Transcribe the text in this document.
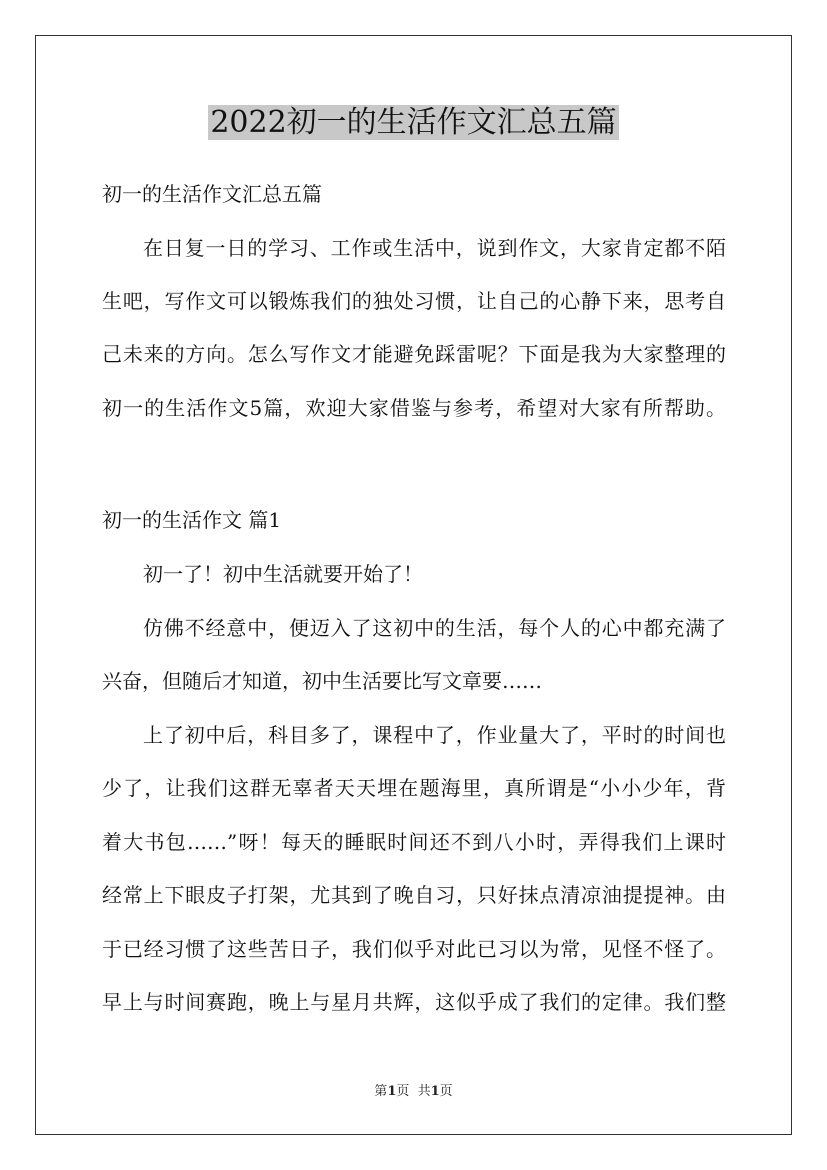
2022初一的生活作文汇总五篇
初一的生活作文汇总五篇
在日复一日的学习、工作或生活中，说到作文，大家肯定都不陌
生吧，写作文可以锻炼我们的独处习惯，让自己的心静下来，思考自
己未来的方向。怎么写作文才能避免踩雷呢？下面是我为大家整理的
初一的生活作文5篇，欢迎大家借鉴与参考，希望对大家有所帮助。
初一的生活作文 篇1
初一了！初中生活就要开始了！
仿佛不经意中，便迈入了这初中的生活，每个人的心中都充满了
兴奋，但随后才知道，初中生活要比写文章要……
上了初中后，科目多了，课程中了，作业量大了，平时的时间也
少了，让我们这群无辜者天天埋在题海里，真所谓是“小小少年，背
着大书包……”呀！每天的睡眠时间还不到八小时，弄得我们上课时
经常上下眼皮子打架，尤其到了晚自习，只好抹点清凉油提提神。由
于已经习惯了这些苦日子，我们似乎对此已习以为常，见怪不怪了。
早上与时间赛跑，晚上与星月共辉，这似乎成了我们的定律。我们整
第1页  共1页
